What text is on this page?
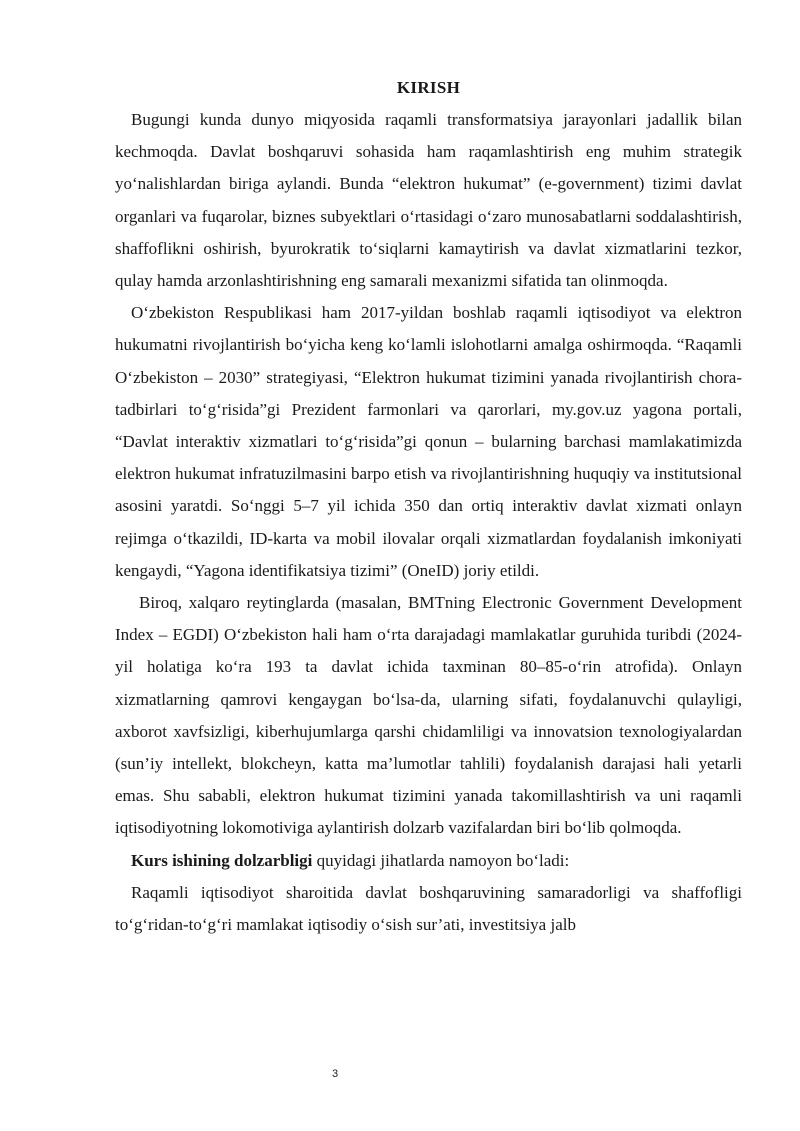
KIRISH

Bugungi kunda dunyo miqyosida raqamli transformatsiya jarayonlari jadallik bilan kechmoqda. Davlat boshqaruvi sohasida ham raqamlashtirish eng muhim strategik yo‘nalishlardan biriga aylandi. Bunda “elektron hukumat” (e-government) tizimi davlat organlari va fuqarolar, biznes subyektlari o‘rtasidagi o‘zaro munosabatlarni soddalashtirish, shaffoflikni oshirish, byurokratik to‘siqlarni kamaytirish va davlat xizmatlarini tezkor, qulay hamda arzonlashtirishning eng samarali mexanizmi sifatida tan olinmoqda.

O‘zbekiston Respublikasi ham 2017-yildan boshlab raqamli iqtisodiyot va elektron hukumatni rivojlantirish bo‘yicha keng ko‘lamli islohotlarni amalga oshirmoqda. “Raqamli O‘zbekiston – 2030” strategiyasi, “Elektron hukumat tizimini yanada rivojlantirish chora-tadbirlari to‘g‘risida”gi Prezident farmonlari va qarorlari, my.gov.uz yagona portali, “Davlat interaktiv xizmatlari to‘g‘risida”gi qonun – bularning barchasi mamlakatimizda elektron hukumat infratuzilmasini barpo etish va rivojlantirishning huquqiy va institutsional asosini yaratdi. So‘nggi 5–7 yil ichida 350 dan ortiq interaktiv davlat xizmati onlayn rejimga o‘tkazildi, ID-karta va mobil ilovalar orqali xizmatlardan foydalanish imkoniyati kengaydi, “Yagona identifikatsiya tizimi” (OneID) joriy etildi.

Biroq, xalqaro reytinglarda (masalan, BMTning Electronic Government Development Index – EGDI) O‘zbekiston hali ham o‘rta darajadagi mamlakatlar guruhida turibdi (2024-yil holatiga ko‘ra 193 ta davlat ichida taxminan 80–85-o‘rin atrofida). Onlayn xizmatlarning qamrovi kengaygan bo‘lsa-da, ularning sifati, foydalanuvchi qulayligi, axborot xavfsizligi, kiberhujumlarga qarshi chidamliligi va innovatsion texnologiyalardan (sun’iy intellekt, blokcheyn, katta ma’lumotlar tahlili) foydalanish darajasi hali yetarli emas. Shu sababli, elektron hukumat tizimini yanada takomillashtirish va uni raqamli iqtisodiyotning lokomotiviga aylantirish dolzarb vazifalardan biri bo‘lib qolmoqda.

Kurs ishining dolzarbligi quyidagi jihatlarda namoyon bo‘ladi:

Raqamli iqtisodiyot sharoitida davlat boshqaruvining samaradorligi va shaffofligi to‘g‘ridan-to‘g‘ri mamlakat iqtisodiy o‘sish sur’ati, investitsiya jalb

3
